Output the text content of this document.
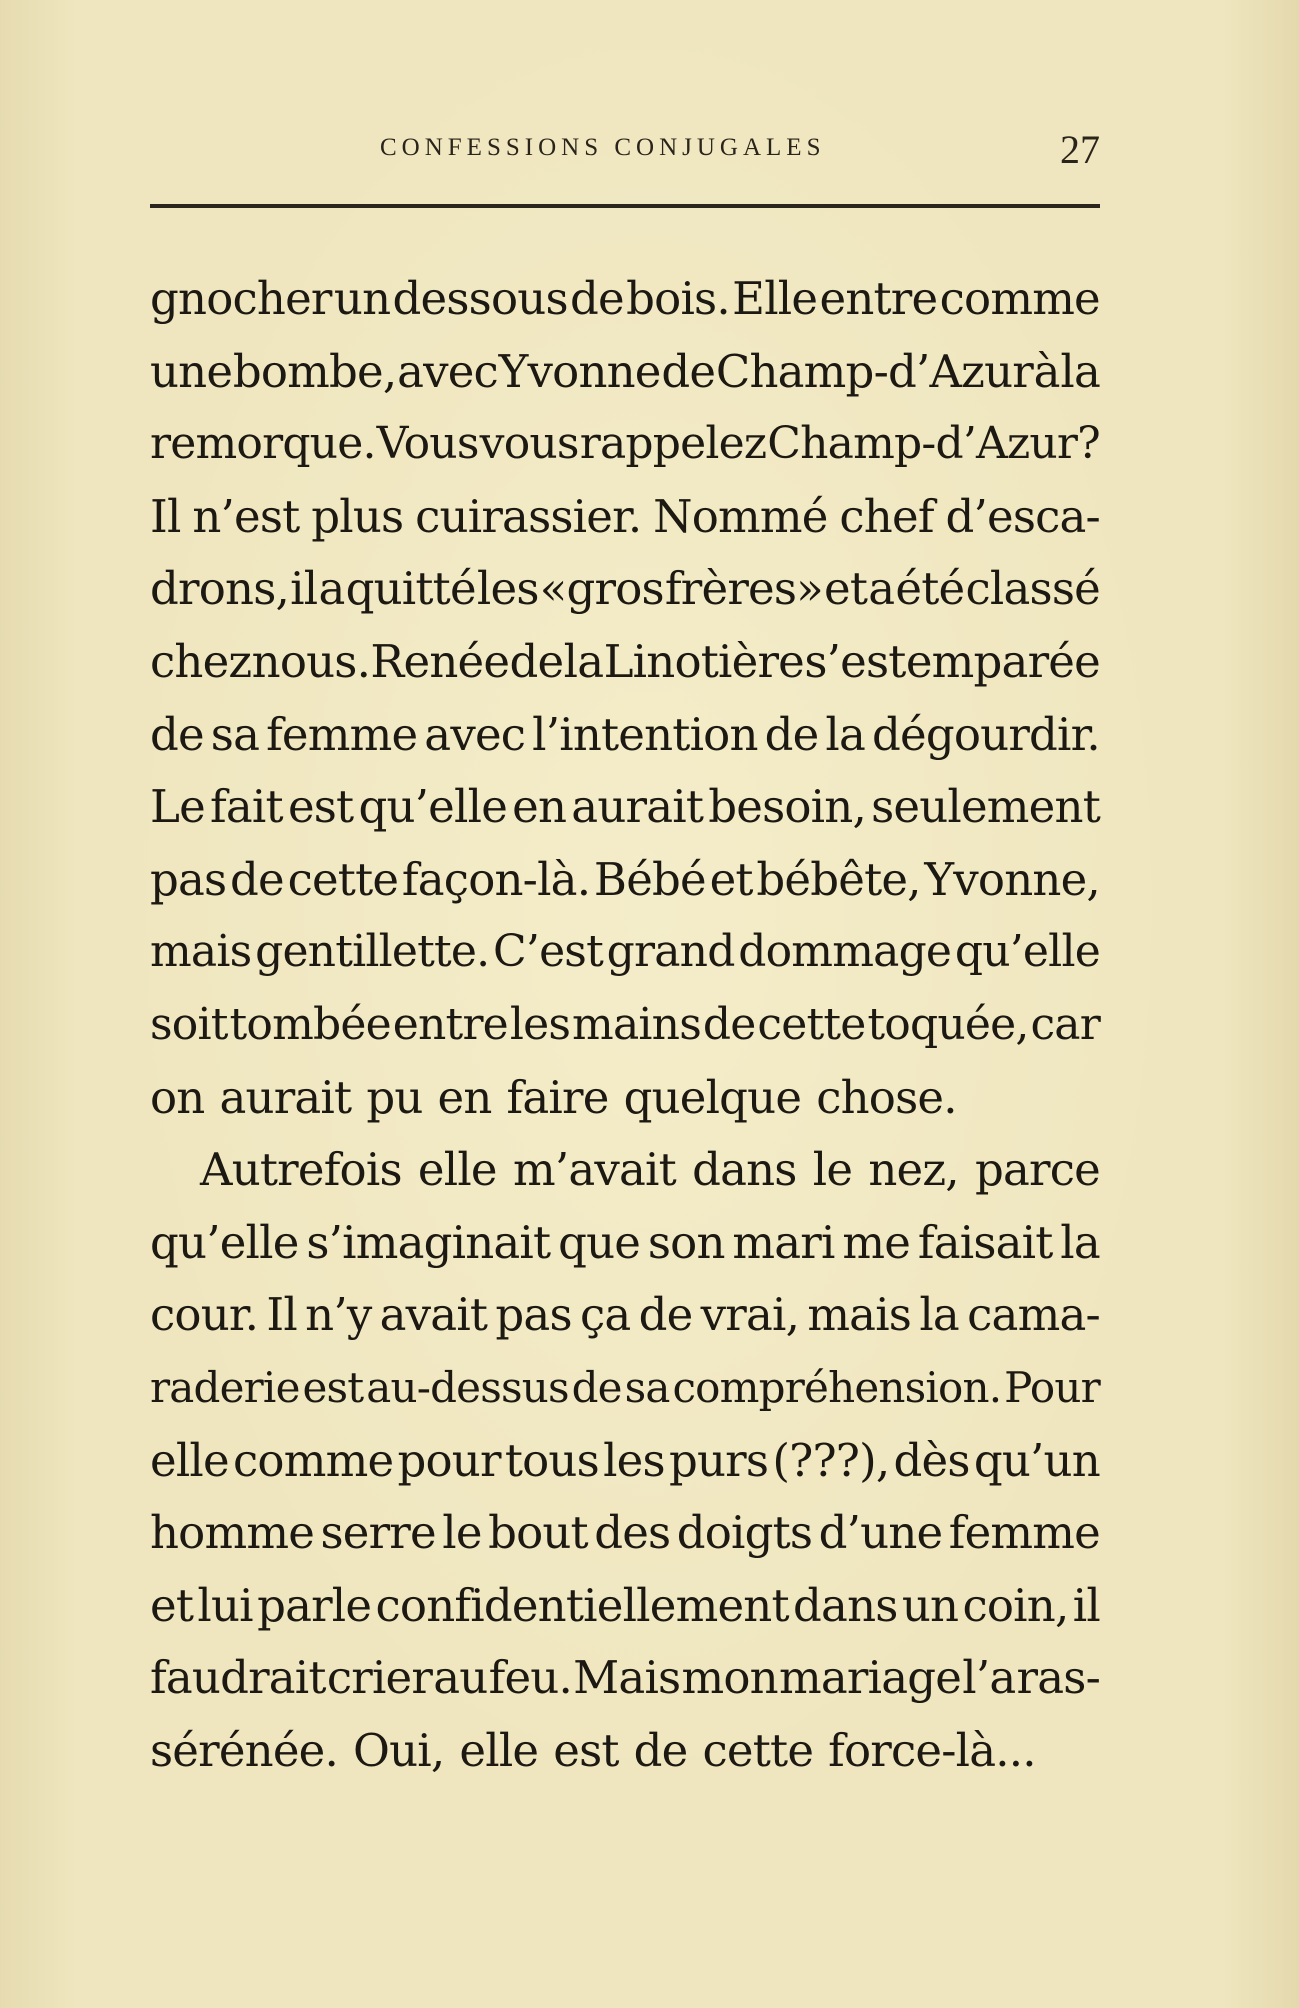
CONFESSIONS CONJUGALES	27
gnocher un dessous de bois. Elle entre comme
une bombe, avec Yvonne de Champ-d’Azur à la
remorque. Vous vous rappelez Champ-d’Azur?
Il n’est plus cuirassier. Nommé chef d’esca-
drons, il a quitté les «gros frères» et a été classé
chez nous. Renée de la Linotière s’est emparée
de sa femme avec l’intention de la dégourdir.
Le fait est qu’elle en aurait besoin, seulement
pas de cette façon-là. Bébé et bébête, Yvonne,
mais gentillette. C’est grand dommage qu’elle
soit tombée entre les mains de cette toquée, car
on aurait pu en faire quelque chose.
Autrefois elle m’avait dans le nez, parce
qu’elle s’imaginait que son mari me faisait la
cour. Il n’y avait pas ça de vrai, mais la cama-
raderie est au-dessus de sa compréhension. Pour
elle comme pour tous les purs (???), dès qu’un
homme serre le bout des doigts d’une femme
et lui parle confidentiellement dans un coin, il
faudrait crier au feu. Mais mon mariage l’a ras-
sérénée. Oui, elle est de cette force-là...
